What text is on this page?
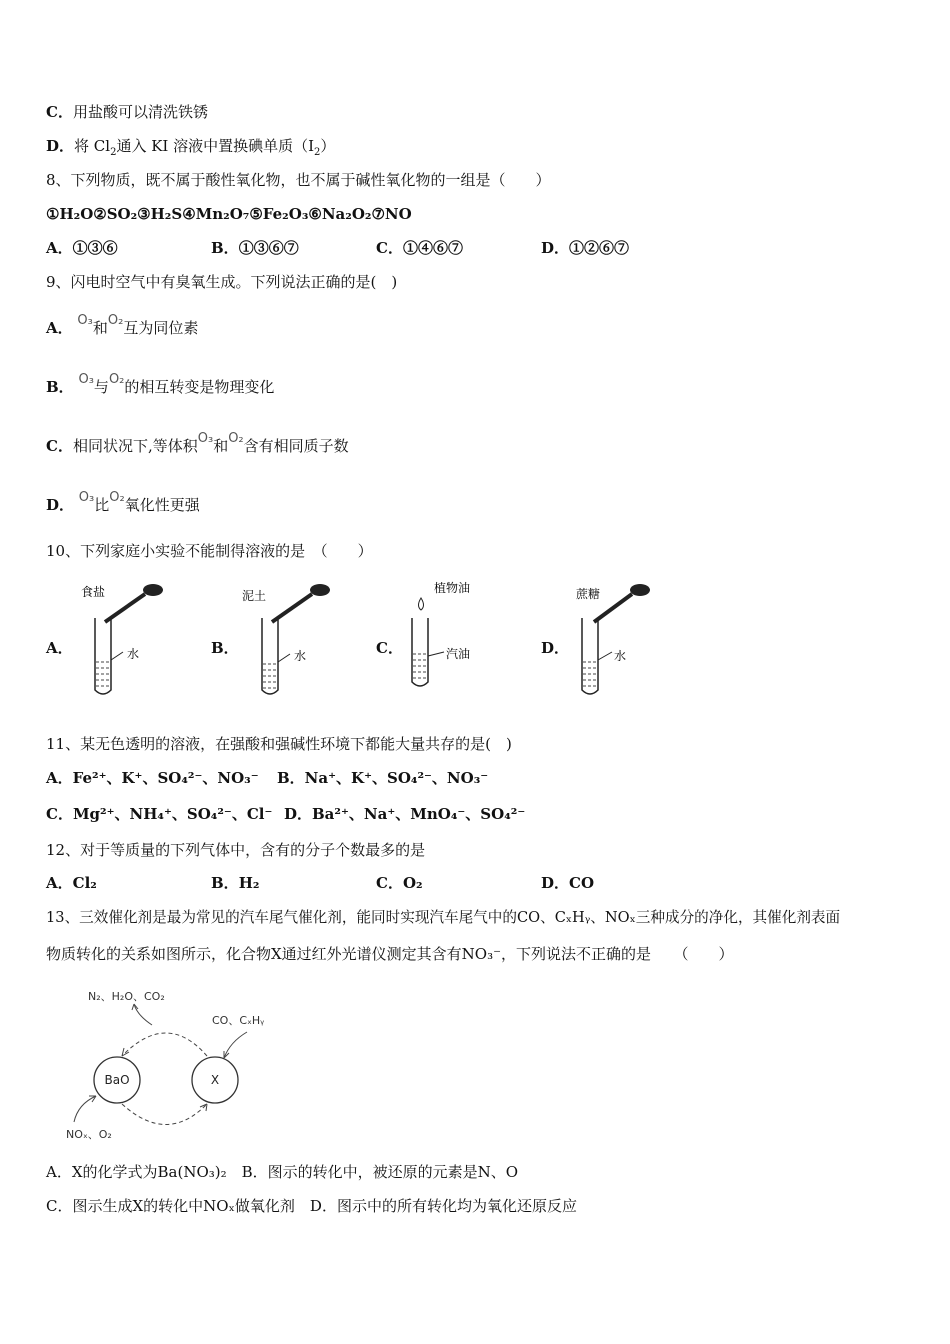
C．用盐酸可以清洗铁锈
D．将 $Cl_2$通入 KI 溶液中置换碘单质$(I_2)$
8、下列物质，既不属于酸性氧化物，也不属于碱性氧化物的一组是（　　）
①H₂O②SO₂③H₂S④Mn₂O₇⑤Fe₂O₃⑥Na₂O₂⑦NO
A．①③⑥	B．①③⑥⑦	C．①④⑥⑦	D．①②⑥⑦
9、闪电时空气中有臭氧生成。下列说法正确的是(　)
A． O₃和O₂互为同位素
B． O₃与O₂的相互转变是物理变化
C．相同状况下,等体积O₃和O₂含有相同质子数
D． O₃比O₂氧化性更强
10、下列家庭小实验不能制得溶液的是　（　　）
A．
食盐
水	B．
泥土
水	C．
植物油
汽油	D．
蔗糖
水
11、某无色透明的溶液，在强酸和强碱性环境下都能大量共存的是(　)
A．Fe²⁺、K⁺、SO₄²⁻、NO₃⁻ B．Na⁺、K⁺、SO₄²⁻、NO₃⁻
C．Mg²⁺、NH₄⁺、SO₄²⁻、Cl⁻ D．Ba²⁺、Na⁺、MnO₄⁻、SO₄²⁻
12、对于等质量的下列气体中，含有的分子个数最多的是
A．Cl₂	B．H₂	C．O₂	D．CO
13、三效催化剂是最为常见的汽车尾气催化剂，能同时实现汽车尾气中的CO、CₓHᵧ、NOₓ三种成分的净化，其催化剂表面
物质转化的关系如图所示，化合物X通过红外光谱仪测定其含有NO₃⁻，下列说法不正确的是　　（　　）
N₂、H₂O、CO₂
CO、CₓHᵧ
BaO	X
NOₓ、O₂
A．X的化学式为Ba(NO₃)₂　B．图示的转化中，被还原的元素是N、O
C．图示生成X的转化中NOₓ做氧化剂　D．图示中的所有转化均为氧化还原反应
